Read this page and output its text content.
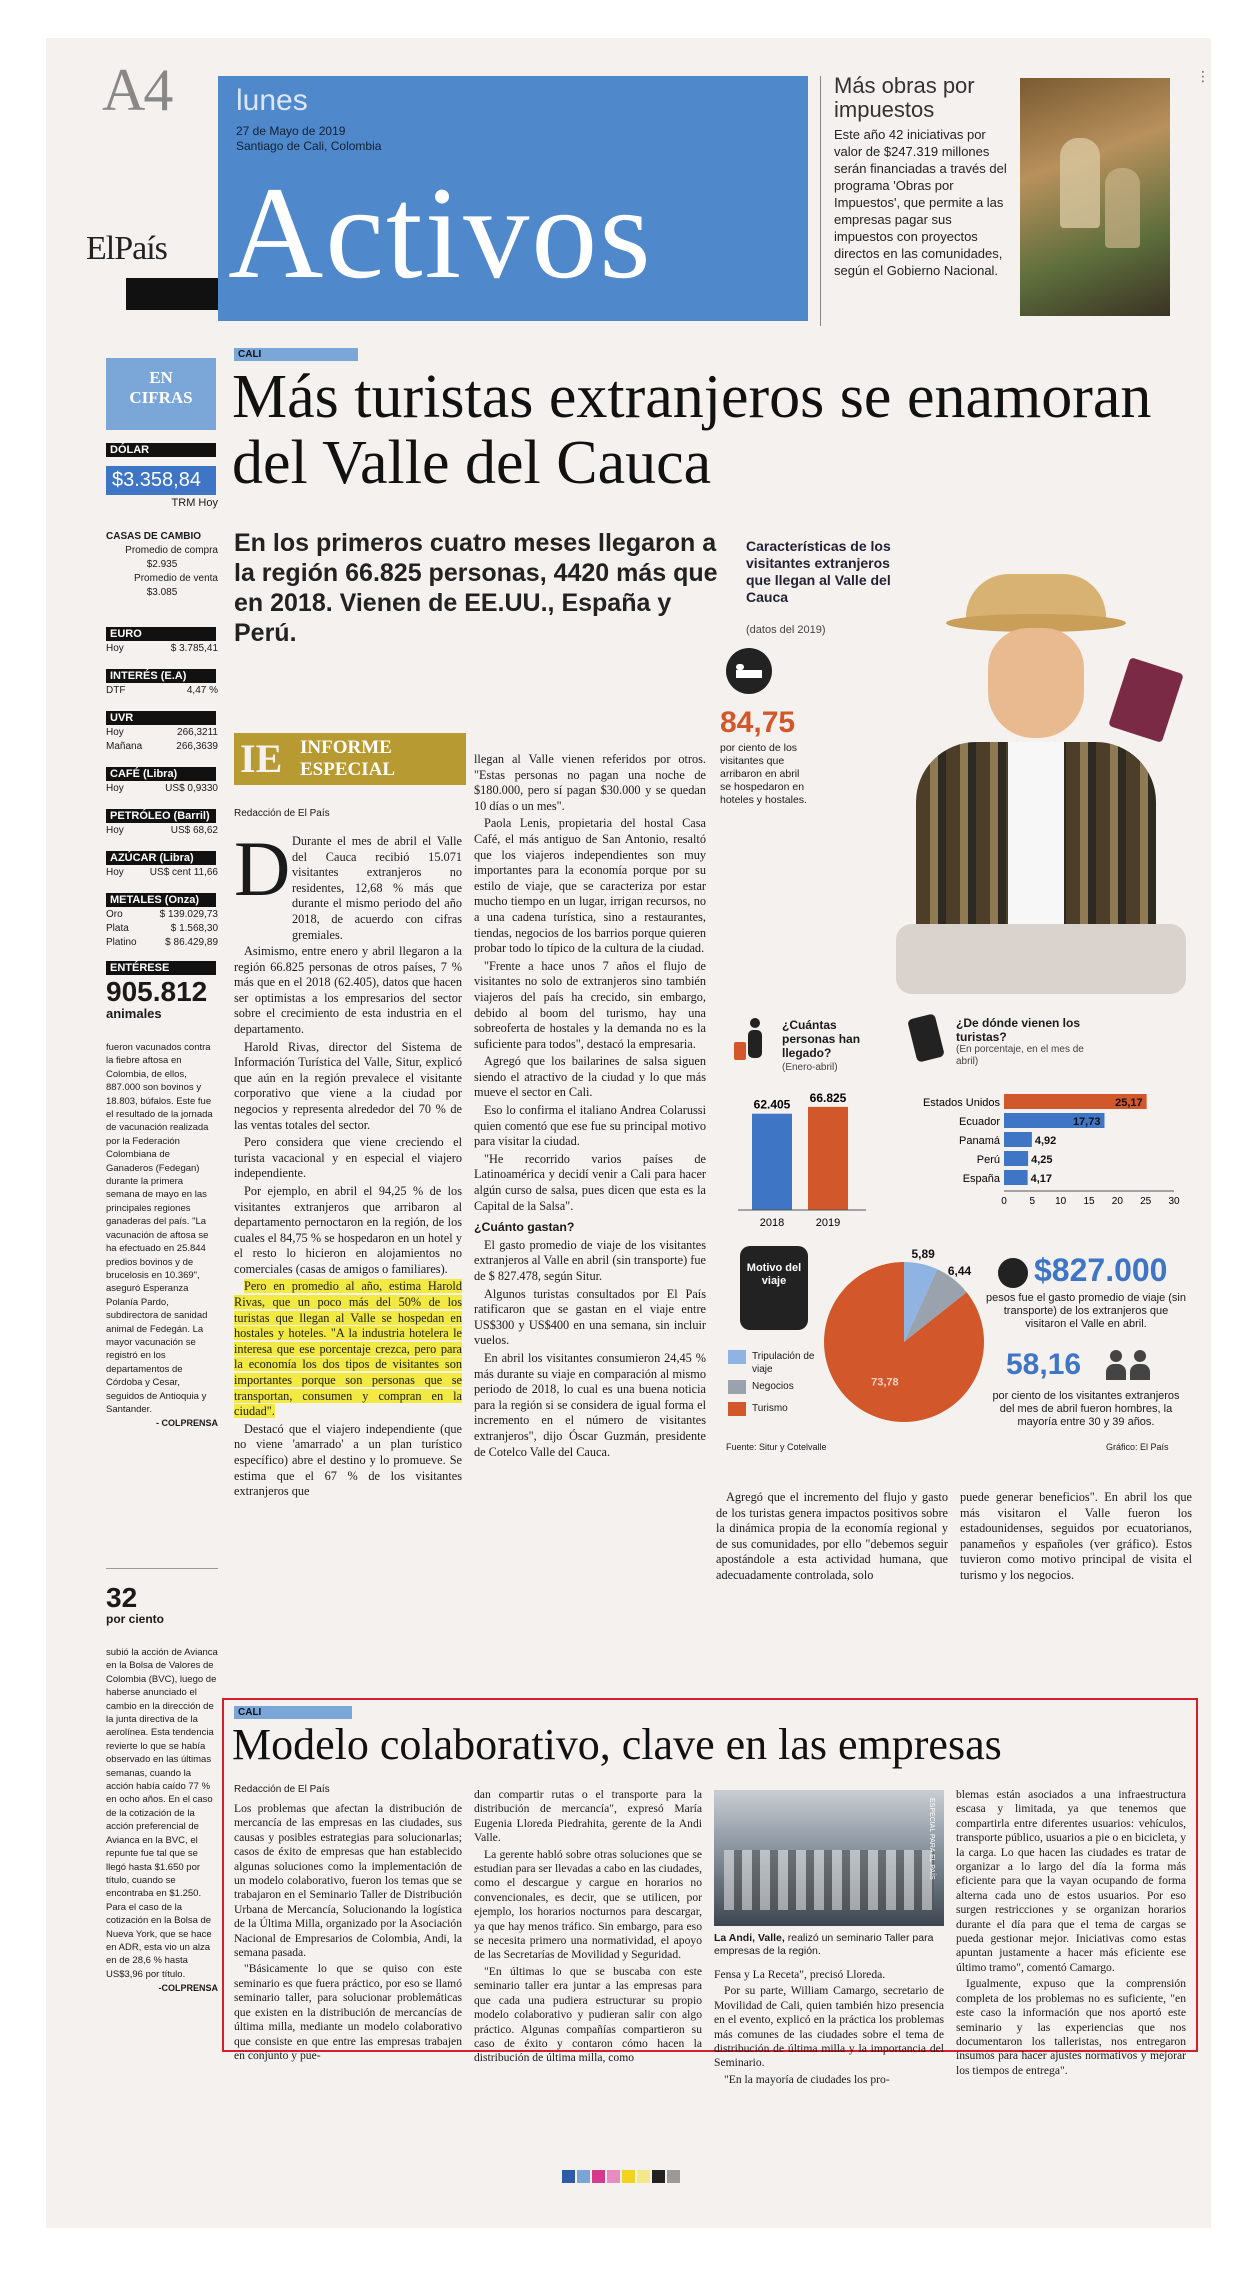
A4
ElPaís
lunes
27 de Mayo de 2019
Santiago de Cali, Colombia
Activos
Más obras por impuestos
Este año 42 iniciativas por valor de $247.319 millones serán financiadas a través del programa 'Obras por Impuestos', que permite a las empresas pagar sus impuestos con proyectos directos en las comunidades, según el Gobierno Nacional.
⋮
EN
CIFRAS
DÓLAR
$3.358,84
TRM Hoy
CASAS DE CAMBIO
Promedio de compra
$2.935
Promedio de venta
$3.085
EURO
Hoy	$ 3.785,41
INTERÉS (E.A)
DTF	4,47 %
UVR
Hoy	266,3211
Mañana	266,3639
CAFÉ (Libra)
Hoy	US$ 0,9330
PETRÓLEO (Barril)
Hoy	US$ 68,62
AZÚCAR (Libra)
Hoy	US$ cent 11,66
METALES (Onza)
Oro	$ 139.029,73
Plata	$ 1.568,30
Platino	$ 86.429,89
ENTÉRESE
905.812
animales
fueron vacunados contra la fiebre aftosa en Colombia, de ellos, 887.000 son bovinos y 18.803, búfalos. Este fue el resultado de la jornada de vacunación realizada por la Federación Colombiana de Ganaderos (Fedegan) durante la primera semana de mayo en las principales regiones ganaderas del país. "La vacunación de aftosa se ha efectuado en 25.844 predios bovinos y de brucelosis en 10.369", aseguró Esperanza Polanía Pardo, subdirectora de sanidad animal de Fedegán. La mayor vacunación se registró en los departamentos de Córdoba y Cesar, seguidos de Antioquia y Santander.
- COLPRENSA
32
por ciento
subió la acción de Avianca en la Bolsa de Valores de Colombia (BVC), luego de haberse anunciado el cambio en la dirección de la junta directiva de la aerolínea. Esta tendencia revierte lo que se había observado en las últimas semanas, cuando la acción había caído 77 % en ocho años. En el caso de la cotización de la acción preferencial de Avianca en la BVC, el repunte fue tal que se llegó hasta $1.650 por título, cuando se encontraba en $1.250. Para el caso de la cotización en la Bolsa de Nueva York, que se hace en ADR, esta vio un alza en de 28,6 % hasta US$3,96 por título.
-COLPRENSA
CALI
Más turistas extranjeros se enamoran del Valle del Cauca
En los primeros cuatro meses llegaron a la región 66.825 personas, 4420 más que en 2018. Vienen de EE.UU., España y Perú.
IE INFORME ESPECIAL
Redacción de El País
D Durante el mes de abril el Valle del Cauca recibió 15.071 visitantes extranjeros no residentes, 12,68 % más que durante el mismo periodo del año 2018, de acuerdo con cifras gremiales.

Asimismo, entre enero y abril llegaron a la región 66.825 personas de otros países, 7 % más que en el 2018 (62.405), datos que hacen ser optimistas a los empresarios del sector sobre el crecimiento de esta industria en el departamento.

Harold Rivas, director del Sistema de Información Turística del Valle, Situr, explicó que aún en la región prevalece el visitante corporativo que viene a la ciudad por negocios y representa alrededor del 70 % de las ventas totales del sector.

Pero considera que viene creciendo el turista vacacional y en especial el viajero independiente.

Por ejemplo, en abril el 94,25 % de los visitantes extranjeros que arribaron al departamento pernoctaron en la región, de los cuales el 84,75 % se hospedaron en un hotel y el resto lo hicieron en alojamientos no comerciales (casas de amigos o familiares).

Pero en promedio al año, estima Harold Rivas, que un poco más del 50% de los turistas que llegan al Valle se hospedan en hostales y hoteles. "A la industria hotelera le interesa que ese porcentaje crezca, pero para la economía los dos tipos de visitantes son importantes porque son personas que se transportan, consumen y compran en la ciudad".

Destacó que el viajero independiente (que no viene 'amarrado' a un plan turístico específico) abre el destino y lo promueve. Se estima que el 67 % de los visitantes extranjeros que

llegan al Valle vienen referidos por otros. "Estas personas no pagan una noche de $180.000, pero sí pagan $30.000 y se quedan 10 días o un mes".

Paola Lenis, propietaria del hostal Casa Café, el más antiguo de San Antonio, resaltó que los viajeros independientes son muy importantes para la economía porque por su estilo de viaje, que se caracteriza por estar mucho tiempo en un lugar, irrigan recursos, no a una cadena turística, sino a restaurantes, tiendas, negocios de los barrios porque quieren probar todo lo típico de la cultura de la ciudad.

"Frente a hace unos 7 años el flujo de visitantes no solo de extranjeros sino también viajeros del país ha crecido, sin embargo, debido al boom del turismo, hay una sobreoferta de hostales y la demanda no es la suficiente para todos", destacó la empresaria.

Agregó que los bailarines de salsa siguen siendo el atractivo de la ciudad y lo que más mueve el sector en Cali.

Eso lo confirma el italiano Andrea Colarussi quien comentó que ese fue su principal motivo para visitar la ciudad.

"He recorrido varios países de Latinoamérica y decidí venir a Cali para hacer algún curso de salsa, pues dicen que esta es la Capital de la Salsa".

¿Cuánto gastan?

El gasto promedio de viaje de los visitantes extranjeros al Valle en abril (sin transporte) fue de $ 827.478, según Situr.

Algunos turistas consultados por El País ratificaron que se gastan en el viaje entre US$300 y US$400 en una semana, sin incluir vuelos.

En abril los visitantes consumieron 24,45 % más durante su viaje en comparación al mismo periodo de 2018, lo cual es una buena noticia para la región si se considera de igual forma el incremento en el número de visitantes extranjeros", dijo Óscar Guzmán, presidente de Cotelco Valle del Cauca.

Características de los visitantes extranjeros que llegan al Valle del Cauca
(datos del 2019)
84,75
por ciento de los visitantes que arribaron en abril se hospedaron en hoteles y hostales.
¿Cuántas personas han llegado?
(Enero-abril)
62.405 66.825
2018	2019
¿De dónde vienen los turistas?
(En porcentaje, en el mes de abril)
Estados Unidos	25,17
Ecuador	17,73
Panamá	4,92
Perú	4,25
España	4,17
0 5 10 15 20 25 30
Motivo del viaje
5,89
6,44
73,78
Tripulación de viaje
Negocios
Turismo
$827.000
pesos fue el gasto promedio de viaje (sin transporte) de los extranjeros que visitaron el Valle en abril.
58,16
por ciento de los visitantes extranjeros del mes de abril fueron hombres, la mayoría entre 30 y 39 años.
Fuente: Situr y Cotelvalle	Gráfico: El País

Agregó que el incremento del flujo y gasto de los turistas genera impactos positivos sobre la dinámica propia de la economía regional y de sus comunidades, por ello "debemos seguir apostándole a esta actividad humana, que adecuadamente controlada, solo

puede generar beneficios". En abril los que más visitaron el Valle fueron los estadounidenses, seguidos por ecuatorianos, panameños y españoles (ver gráfico). Estos tuvieron como motivo principal de visita el turismo y los negocios.

CALI
Modelo colaborativo, clave en las empresas
Redacción de El País

Los problemas que afectan la distribución de mercancía de las empresas en las ciudades, sus causas y posibles estrategias para solucionarlas; casos de éxito de empresas que han establecido algunas soluciones como la implementación de un modelo colaborativo, fueron los temas que se trabajaron en el Seminario Taller de Distribución Urbana de Mercancía, Solucionando la logística de la Última Milla, organizado por la Asociación Nacional de Empresarios de Colombia, Andi, la semana pasada.

"Básicamente lo que se quiso con este seminario es que fuera práctico, por eso se llamó seminario taller, para solucionar problemáticas que existen en la distribución de mercancías de última milla, mediante un modelo colaborativo que consiste en que entre las empresas trabajen en conjunto y pue-

dan compartir rutas o el transporte para la distribución de mercancía", expresó María Eugenia Lloreda Piedrahita, gerente de la Andi Valle.

La gerente habló sobre otras soluciones que se estudian para ser llevadas a cabo en las ciudades, como el descargue y cargue en horarios no convencionales, es decir, que se utilicen, por ejemplo, los horarios nocturnos para descargar, ya que hay menos tráfico. Sin embargo, para eso se necesita primero una normatividad, el apoyo de las Secretarías de Movilidad y Seguridad.

"En últimas lo que se buscaba con este seminario taller era juntar a las empresas para que cada una pudiera estructurar su propio modelo colaborativo y pudieran salir con algo práctico. Algunas compañías compartieron su caso de éxito y contaron cómo hacen la distribución de última milla, como

ESPECIAL PARA EL PAÍS
La Andi, Valle, realizó un seminario Taller para empresas de la región.

Fensa y La Receta", precisó Lloreda.

Por su parte, William Camargo, secretario de Movilidad de Cali, quien también hizo presencia en el evento, explicó en la práctica los problemas más comunes de las ciudades sobre el tema de distribución de última milla y la importancia del Seminario.

"En la mayoría de ciudades los pro-

blemas están asociados a una infraestructura escasa y limitada, ya que tenemos que compartirla entre diferentes usuarios: vehículos, transporte público, usuarios a pie o en bicicleta, y la carga. Lo que hacen las ciudades es tratar de organizar a lo largo del día la forma más eficiente para que la vayan ocupando de forma alterna cada uno de estos usuarios. Por eso surgen restricciones y se organizan horarios durante el día para que el tema de cargas se pueda gestionar mejor. Iniciativas como estas apuntan justamente a hacer más eficiente ese último tramo", comentó Camargo.

Igualmente, expuso que la comprensión completa de los problemas no es suficiente, "en este caso la información que nos aportó este seminario y las experiencias que nos documentaron los talleristas, nos entregaron insumos para hacer ajustes normativos y mejorar los tiempos de entrega".
